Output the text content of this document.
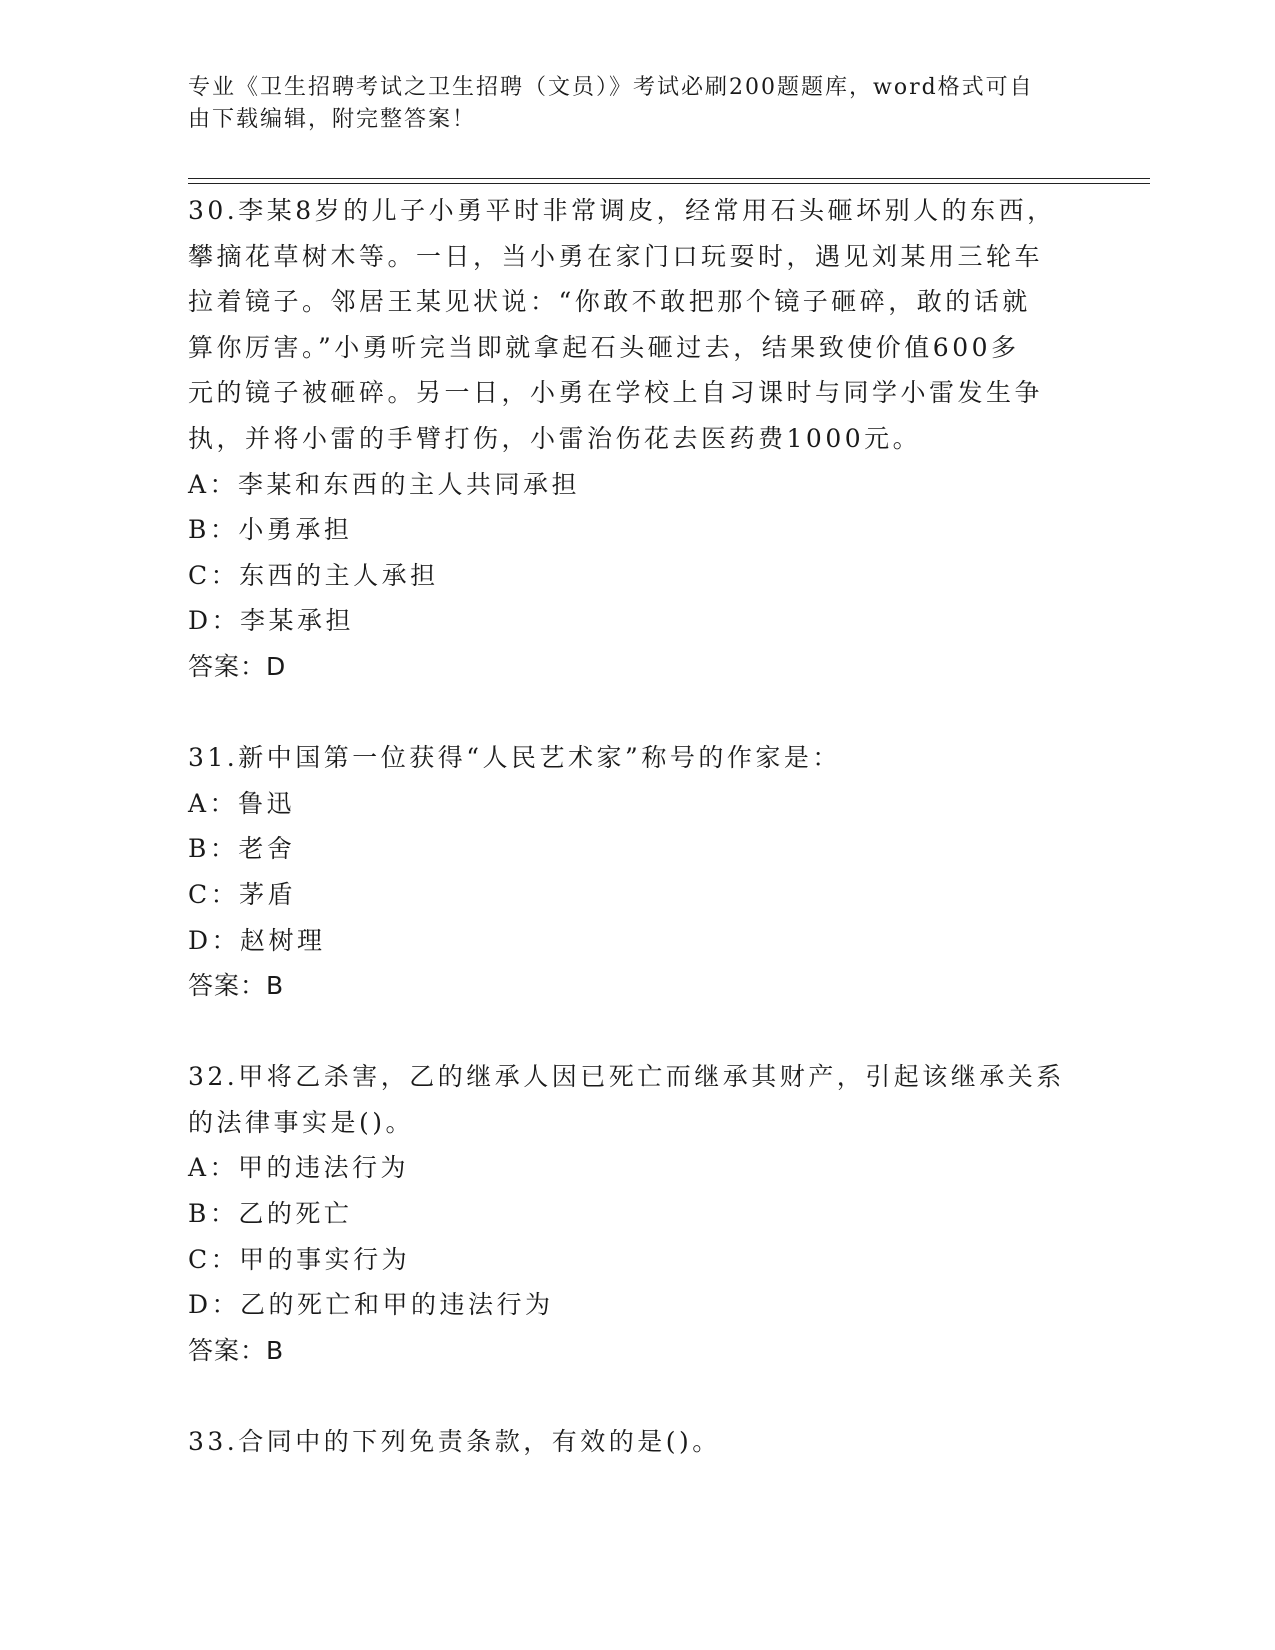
专业《卫生招聘考试之卫生招聘（文员）》考试必刷200题题库，word格式可自
由下载编辑，附完整答案！

30.李某8岁的儿子小勇平时非常调皮，经常用石头砸坏别人的东西，

攀摘花草树木等。一日，当小勇在家门口玩耍时，遇见刘某用三轮车

拉着镜子。邻居王某见状说：“你敢不敢把那个镜子砸碎，敢的话就

算你厉害。”小勇听完当即就拿起石头砸过去，结果致使价值600多

元的镜子被砸碎。另一日，小勇在学校上自习课时与同学小雷发生争

执，并将小雷的手臂打伤，小雷治伤花去医药费1000元。

A：李某和东西的主人共同承担

B：小勇承担

C：东西的主人承担

D：李某承担

答案：D

31.新中国第一位获得“人民艺术家”称号的作家是：

A：鲁迅

B：老舍

C：茅盾

D：赵树理

答案：B

32.甲将乙杀害，乙的继承人因已死亡而继承其财产，引起该继承关系

的法律事实是()。

A：甲的违法行为

B：乙的死亡

C：甲的事实行为

D：乙的死亡和甲的违法行为

答案：B

33.合同中的下列免责条款，有效的是()。
